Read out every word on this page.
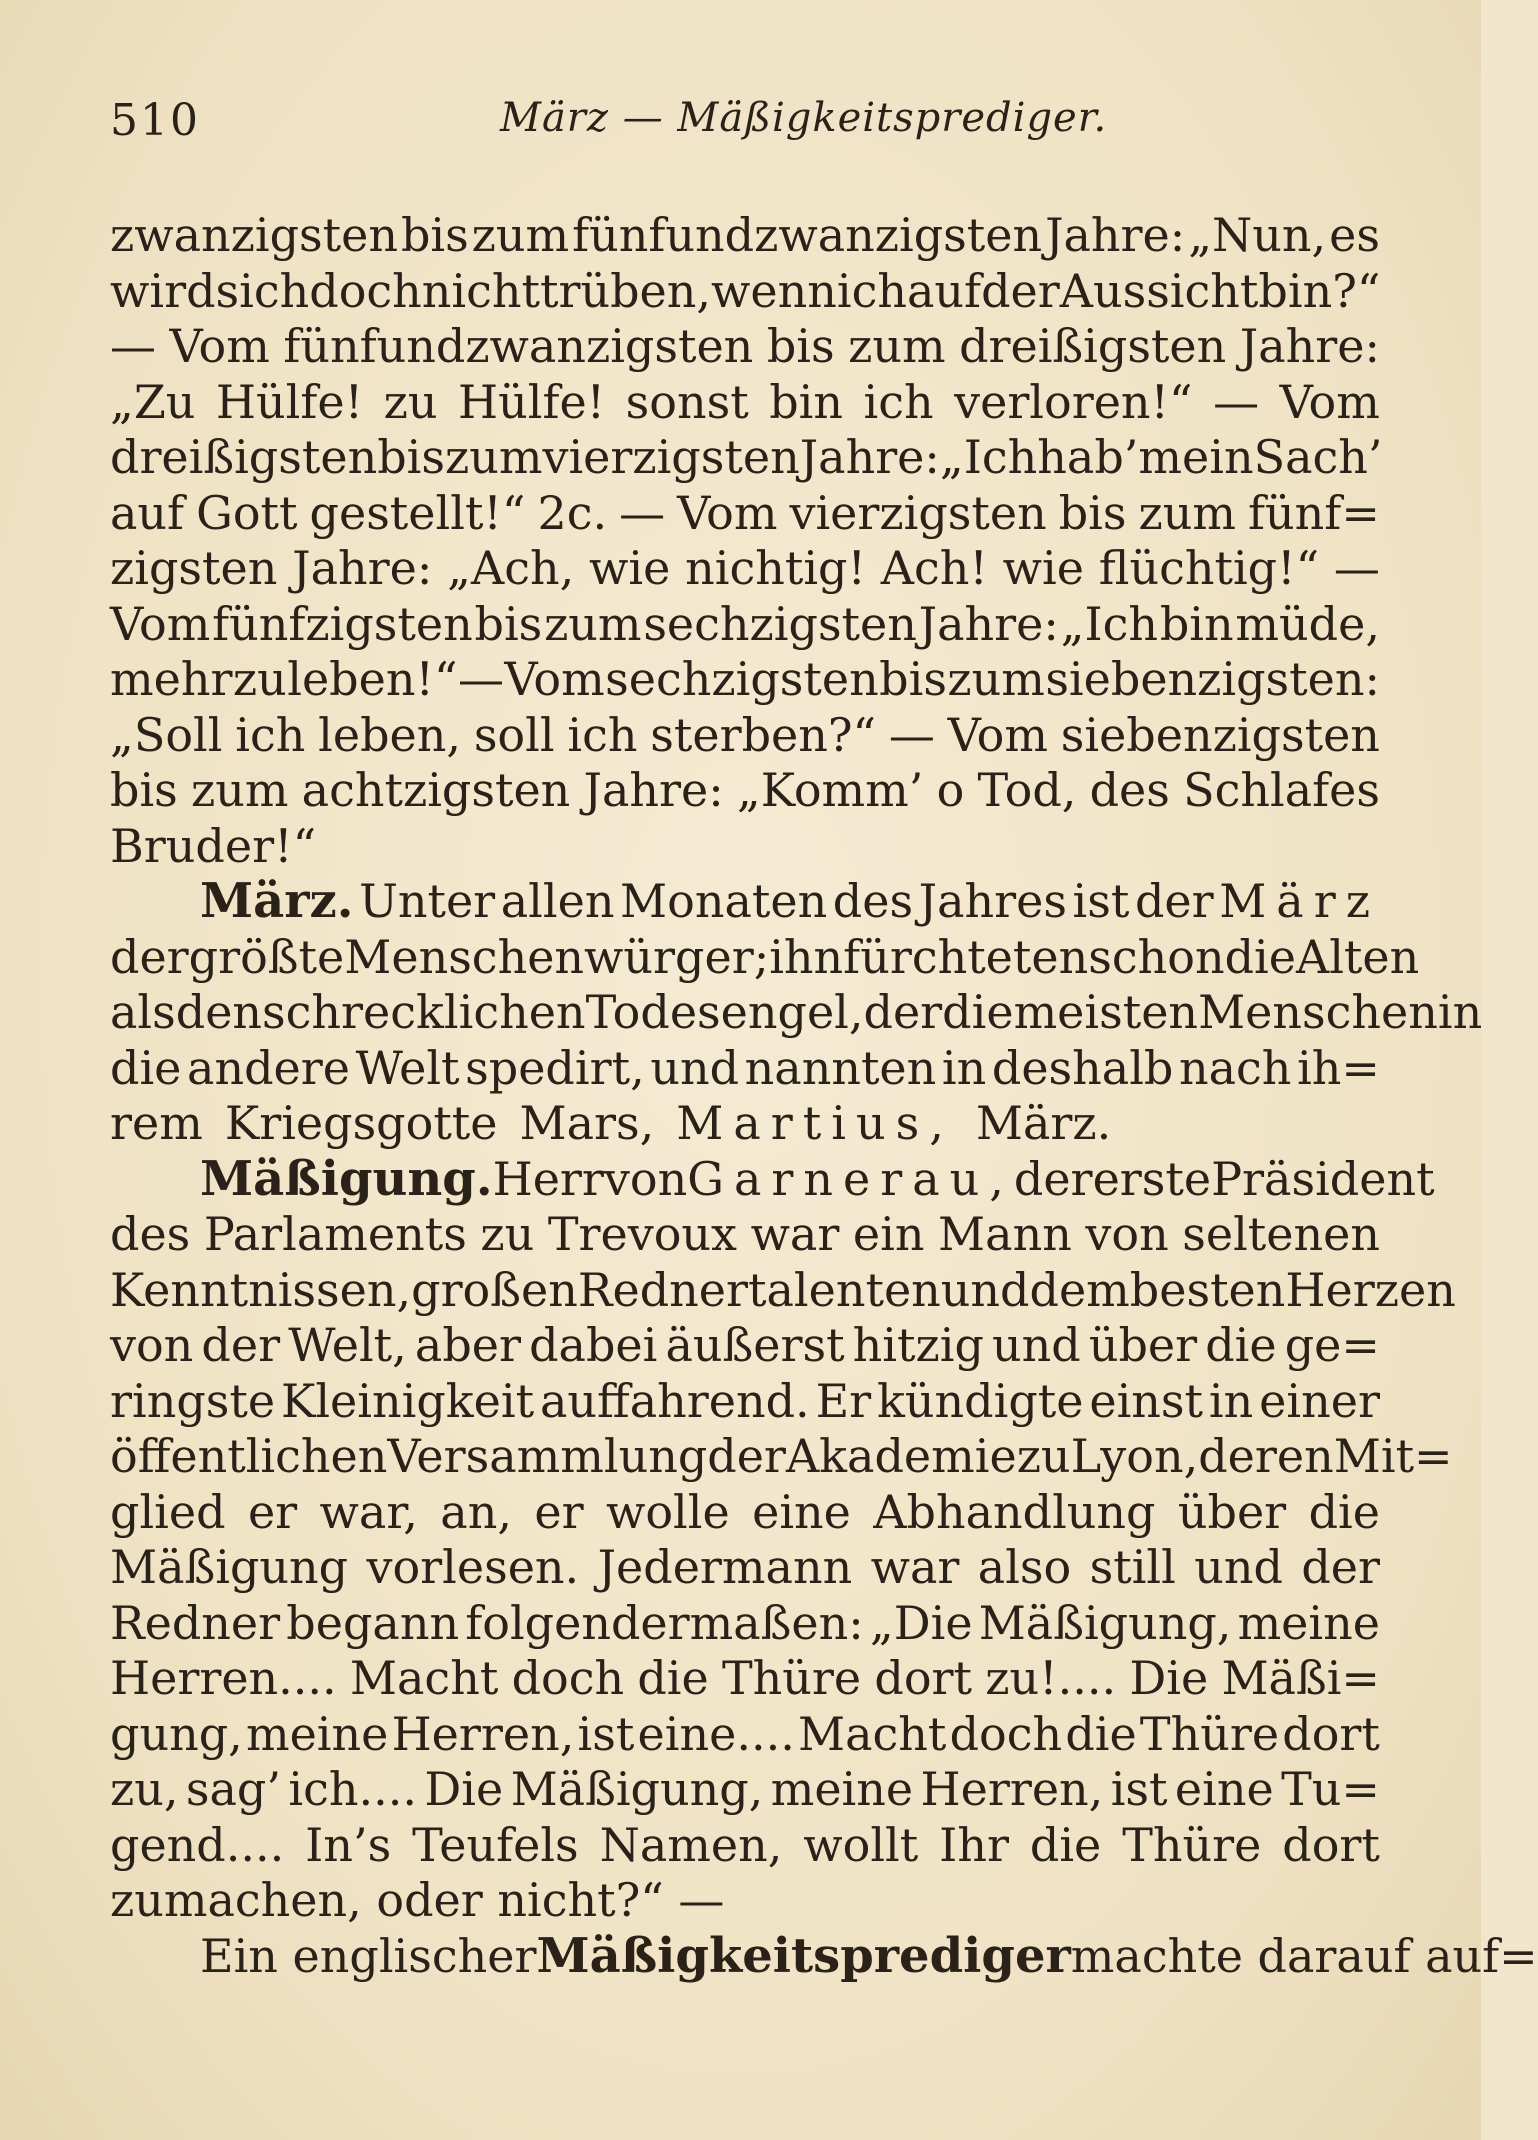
510	März — Mäßigkeitsprediger.
zwanzigsten bis zum fünfundzwanzigsten Jahre: „Nun, es
wird sich doch nicht trüben, wenn ich auf der Aussicht bin?“
— Vom fünfundzwanzigsten bis zum dreißigsten Jahre:
„Zu Hülfe! zu Hülfe! sonst bin ich verloren!“ — Vom
dreißigsten bis zum vierzigsten Jahre: „Ich hab’ mein Sach’
auf Gott gestellt!“ 2c. — Vom vierzigsten bis zum fünf=
zigsten Jahre: „Ach, wie nichtig! Ach! wie flüchtig!“ —
Vom fünfzigsten bis zum sechzigsten Jahre: „Ich bin müde,
mehr zu leben!“ — Vom sechzigsten bis zum siebenzigsten:
„Soll ich leben, soll ich sterben?“ — Vom siebenzigsten
bis zum achtzigsten Jahre: „Komm’ o Tod, des Schlafes
Bruder!“
März. Unter allen Monaten des Jahres ist der März
der größte Menschenwürger; ihn fürchteten schon die Alten
als den schrecklichen Todesengel, der die meisten Menschen in
die andere Welt spedirt, und nannten in deshalb nach ih=
rem Kriegsgotte Mars, Martius, März.
Mäßigung. Herr von Garnerau, der erste Präsident
des Parlaments zu Trevoux war ein Mann von seltenen
Kenntnissen, großen Rednertalenten und dem besten Herzen
von der Welt, aber dabei äußerst hitzig und über die ge=
ringste Kleinigkeit auffahrend. Er kündigte einst in einer
öffentlichen Versammlung der Akademie zu Lyon, deren Mit=
glied er war, an, er wolle eine Abhandlung über die
Mäßigung vorlesen. Jedermann war also still und der
Redner begann folgendermaßen: „Die Mäßigung, meine
Herren.... Macht doch die Thüre dort zu!.... Die Mäßi=
gung, meine Herren, ist eine.... Macht doch die Thüre dort
zu, sag’ ich.... Die Mäßigung, meine Herren, ist eine Tu=
gend.... In’s Teufels Namen, wollt Ihr die Thüre dort
zumachen, oder nicht?“ —
Ein englischer Mäßigkeitsprediger machte darauf auf=
